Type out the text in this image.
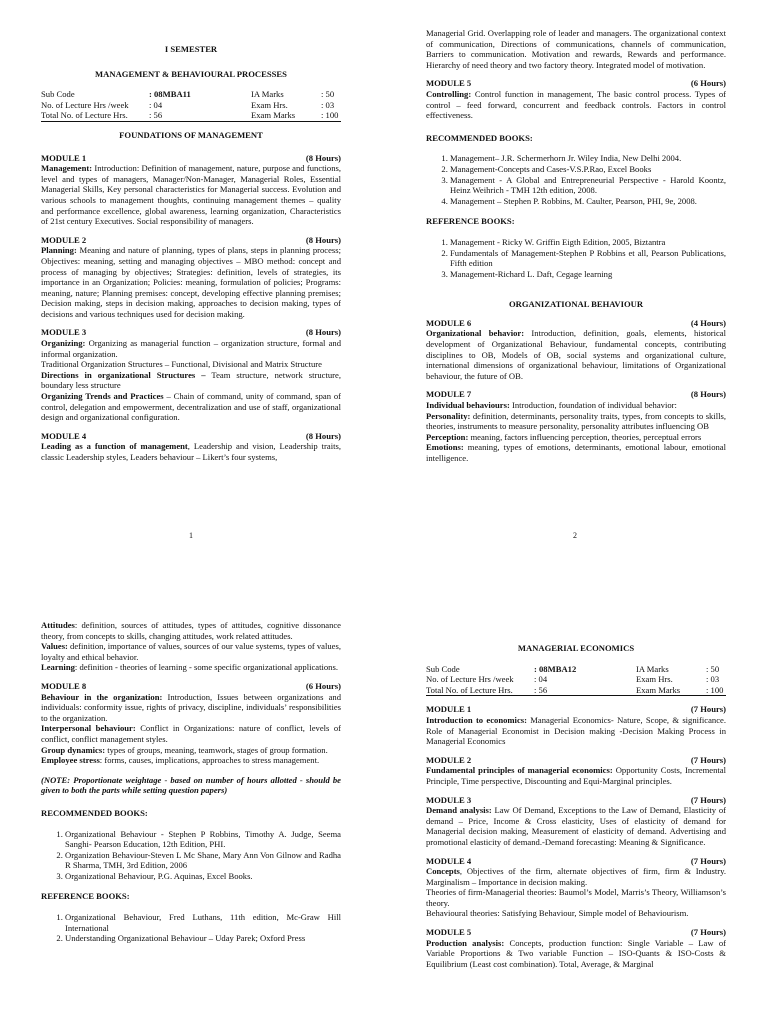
I SEMESTER
MANAGEMENT & BEHAVIOURAL PROCESSES
Sub Code	: 08MBA11	IA Marks	: 50
No. of Lecture Hrs /week	: 04	Exam Hrs.	: 03
Total No. of Lecture Hrs.	: 56	Exam Marks	: 100
FOUNDATIONS OF MANAGEMENT
MODULE 1	(8 Hours)
Management: Introduction: Definition of management, nature, purpose and functions, level and types of managers, Manager/Non-Manager, Managerial Roles, Essential Managerial Skills, Key personal characteristics for Managerial success. Evolution and various schools to management thoughts, continuing management themes – quality and performance excellence, global awareness, learning organization, Characteristics of 21st century Executives. Social responsibility of managers.
MODULE 2	(8 Hours)
Planning: Meaning and nature of planning, types of plans, steps in planning process; Objectives: meaning, setting and managing objectives – MBO method: concept and process of managing by objectives; Strategies: definition, levels of strategies, its importance in an Organization; Policies: meaning, formulation of policies; Programs: meaning, nature; Planning premises: concept, developing effective planning premises; Decision making, steps in decision making, approaches to decision making, types of decisions and various techniques used for decision making.
MODULE 3	(8 Hours)
Organizing: Organizing as managerial function – organization structure, formal and informal organization.
Traditional Organization Structures – Functional, Divisional and Matrix Structure
Directions in organizational Structures – Team structure, network structure, boundary less structure
Organizing Trends and Practices – Chain of command, unity of command, span of control, delegation and empowerment, decentralization and use of staff, organizational design and organizational configuration.
MODULE 4	(8 Hours)
Leading as a function of management, Leadership and vision, Leadership traits, classic Leadership styles, Leaders behaviour – Likert’s four systems,
1
Managerial Grid. Overlapping role of leader and managers. The organizational context of communication, Directions of communications, channels of communication, Barriers to communication. Motivation and rewards, Rewards and performance. Hierarchy of need theory and two factory theory. Integrated model of motivation.
MODULE 5	(6 Hours)
Controlling: Control function in management, The basic control process. Types of control – feed forward, concurrent and feedback controls. Factors in control effectiveness.
RECOMMENDED BOOKS:
1. Management– J.R. Schermerhorn Jr. Wiley India, New Delhi 2004.
2. Management-Concepts and Cases-V.S.P.Rao, Excel Books
3. Management - A Global and Entrepreneurial Perspective - Harold Koontz, Heinz Weihrich - TMH 12th edition, 2008.
4. Management – Stephen P. Robbins, M. Caulter, Pearson, PHI, 9e, 2008.
REFERENCE BOOKS:
1. Management - Ricky W. Griffin Eigth Edition, 2005, Biztantra
2. Fundamentals of Management-Stephen P Robbins et all, Pearson Publications, Fifth edition
3. Management-Richard L. Daft, Cegage learning
ORGANIZATIONAL BEHAVIOUR
MODULE 6	(4 Hours)
Organizational behavior: Introduction, definition, goals, elements, historical development of Organizational Behaviour, fundamental concepts, contributing disciplines to OB, Models of OB, social systems and organizational culture, international dimensions of organizational behaviour, limitations of Organizational behaviour, the future of OB.
MODULE 7	(8 Hours)
Individual behaviours: Introduction, foundation of individual behavior:
Personality: definition, determinants, personality traits, types, from concepts to skills, theories, instruments to measure personality, personality attributes influencing OB
Perception: meaning, factors influencing perception, theories, perceptual errors
Emotions: meaning, types of emotions, determinants, emotional labour, emotional intelligence.
2
Attitudes: definition, sources of attitudes, types of attitudes, cognitive dissonance theory, from concepts to skills, changing attitudes, work related attitudes.
Values: definition, importance of values, sources of our value systems, types of values, loyalty and ethical behavior.
Learning: definition - theories of learning - some specific organizational applications.
MODULE 8	(6 Hours)
Behaviour in the organization: Introduction, Issues between organizations and individuals: conformity issue, rights of privacy, discipline, individuals’ responsibilities to the organization.
Interpersonal behaviour: Conflict in Organizations: nature of conflict, levels of conflict, conflict management styles.
Group dynamics: types of groups, meaning, teamwork, stages of group formation.
Employee stress: forms, causes, implications, approaches to stress management.
(NOTE: Proportionate weightage - based on number of hours allotted - should be given to both the parts while setting question papers)
RECOMMENDED BOOKS:
1. Organizational Behaviour - Stephen P Robbins, Timothy A. Judge, Seema Sanghi- Pearson Education, 12th Edition, PHI.
2. Organization Behaviour-Steven L Mc Shane, Mary Ann Von Gilnow and Radha R Sharma, TMH, 3rd Edition, 2006
3. Organizational Behaviour, P.G. Aquinas, Excel Books.
REFERENCE BOOKS:
1. Organizational Behaviour, Fred Luthans, 11th edition, Mc-Graw Hill International
2. Understanding Organizational Behaviour – Uday Parek; Oxford Press
MANAGERIAL ECONOMICS
Sub Code	: 08MBA12	IA Marks	: 50
No. of Lecture Hrs /week	: 04	Exam Hrs.	: 03
Total No. of Lecture Hrs.	: 56	Exam Marks	: 100
MODULE 1	(7 Hours)
Introduction to economics: Managerial Economics- Nature, Scope, & significance. Role of Managerial Economist in Decision making -Decision Making Process in Managerial Economics
MODULE 2	(7 Hours)
Fundamental principles of managerial economics: Opportunity Costs, Incremental Principle, Time perspective, Discounting and Equi-Marginal principles.
MODULE 3	(7 Hours)
Demand analysis: Law Of Demand, Exceptions to the Law of Demand, Elasticity of demand – Price, Income & Cross elasticity, Uses of elasticity of demand for Managerial decision making, Measurement of elasticity of demand. Advertising and promotional elasticity of demand.-Demand forecasting: Meaning & Significance.
MODULE 4	(7 Hours)
Concepts, Objectives of the firm, alternate objectives of firm, firm & Industry. Marginalism – Importance in decision making.
Theories of firm-Managerial theories: Baumol’s Model, Marris’s Theory, Williamson’s theory.
Behavioural theories: Satisfying Behaviour, Simple model of Behaviourism.
MODULE 5	(7 Hours)
Production analysis: Concepts, production function: Single Variable – Law of Variable Proportions & Two variable Function – ISO-Quants & ISO-Costs & Equilibrium (Least cost combination). Total, Average, & Marginal
